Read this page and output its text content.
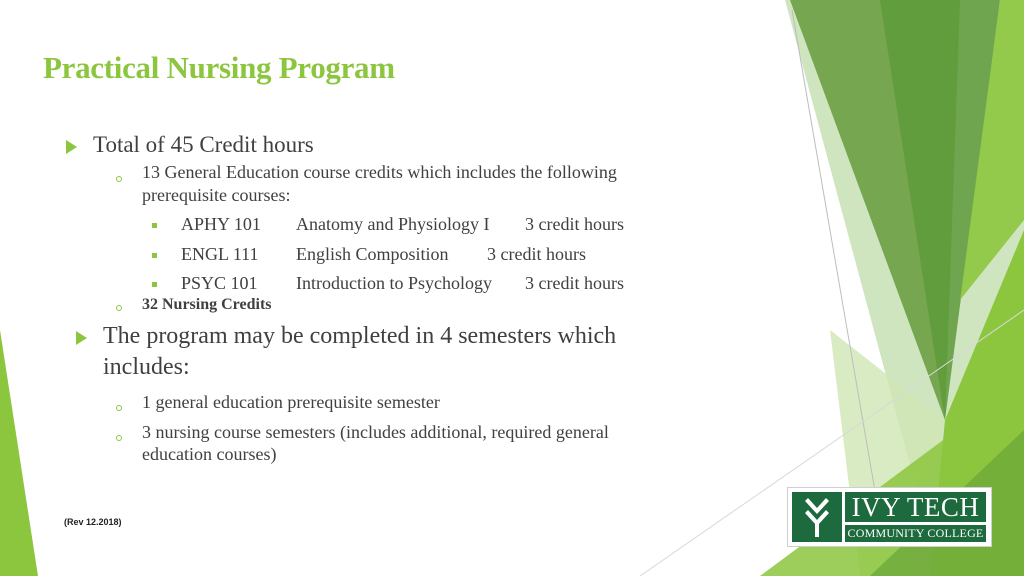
Practical Nursing Program
Total of 45 Credit hours
13 General Education course credits which includes the following
prerequisite courses:
APHY 101 Anatomy and Physiology I 3 credit hours
ENGL 111 English Composition 3 credit hours
PSYC 101 Introduction to Psychology 3 credit hours
32 Nursing Credits
The program may be completed in 4 semesters which
includes:
1 general education prerequisite semester
3 nursing course semesters (includes additional, required general
education courses)
(Rev 12.2018)	IVY TECH
COMMUNITY COLLEGE
